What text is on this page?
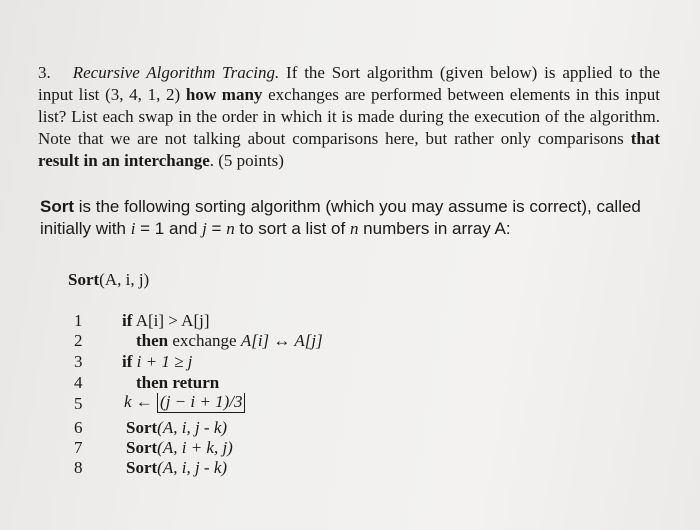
3. Recursive Algorithm Tracing. If the Sort algorithm (given below) is applied to the input list (3, 4, 1, 2) how many exchanges are performed between elements in this input list? List each swap in the order in which it is made during the execution of the algorithm. Note that we are not talking about comparisons here, but rather only comparisons that result in an interchange. (5 points)
Sort is the following sorting algorithm (which you may assume is correct), called initially with i = 1 and j = n to sort a list of n numbers in array A:
Sort(A, i, j)
1
2
3
4
5
6
7
8
if A[i] > A[j]
then exchange A[i] ↔ A[j]
if i + 1 ≥ j
then return
k ← (j − i + 1)/3
Sort(A, i, j - k)
Sort(A, i + k, j)
Sort(A, i, j - k)
